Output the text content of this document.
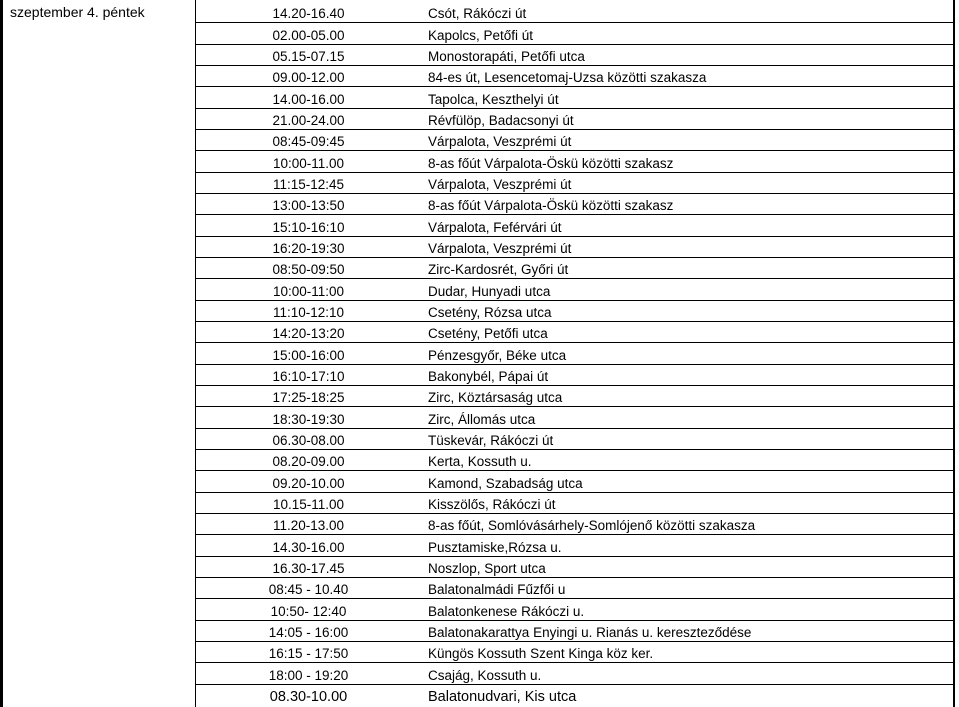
szeptember 4. péntek	14.20-16.40	Csót, Rákóczi út
02.00-05.00	Kapolcs, Petőfi út
05.15-07.15	Monostorapáti, Petőfi utca
09.00-12.00	84-es út, Lesencetomaj-Uzsa közötti szakasza
14.00-16.00	Tapolca, Keszthelyi út
21.00-24.00	Révfülöp, Badacsonyi út
08:45-09:45	Várpalota, Veszprémi út
10:00-11.00	8-as főút Várpalota-Öskü közötti szakasz
11:15-12:45	Várpalota, Veszprémi út
13:00-13:50	8-as főút Várpalota-Öskü közötti szakasz
15:10-16:10	Várpalota, Feférvári út
16:20-19:30	Várpalota, Veszprémi út
08:50-09:50	Zirc-Kardosrét, Győri út
10:00-11:00	Dudar, Hunyadi utca
11:10-12:10	Csetény, Rózsa utca
14:20-13:20	Csetény, Petőfi utca
15:00-16:00	Pénzesgyőr, Béke utca
16:10-17:10	Bakonybél, Pápai út
17:25-18:25	Zirc, Köztársaság utca
18:30-19:30	Zirc, Állomás utca
06.30-08.00	Tüskevár, Rákóczi út
08.20-09.00	Kerta, Kossuth u.
09.20-10.00	Kamond, Szabadság utca
10.15-11.00	Kisszölős, Rákóczi út
11.20-13.00	8-as főút, Somlóvásárhely-Somlójenő közötti szakasza
14.30-16.00	Pusztamiske,Rózsa u.
16.30-17.45	Noszlop, Sport utca
08:45 - 10.40	Balatonalmádi Fűzfői u
10:50- 12:40	Balatonkenese Rákóczi u.
14:05 - 16:00	Balatonakarattya Enyingi u. Rianás u. kereszteződése
16:15 - 17:50	Küngös Kossuth Szent Kinga köz ker.
18:00 - 19:20	Csajág, Kossuth u.
08.30-10.00	Balatonudvari, Kis utca
